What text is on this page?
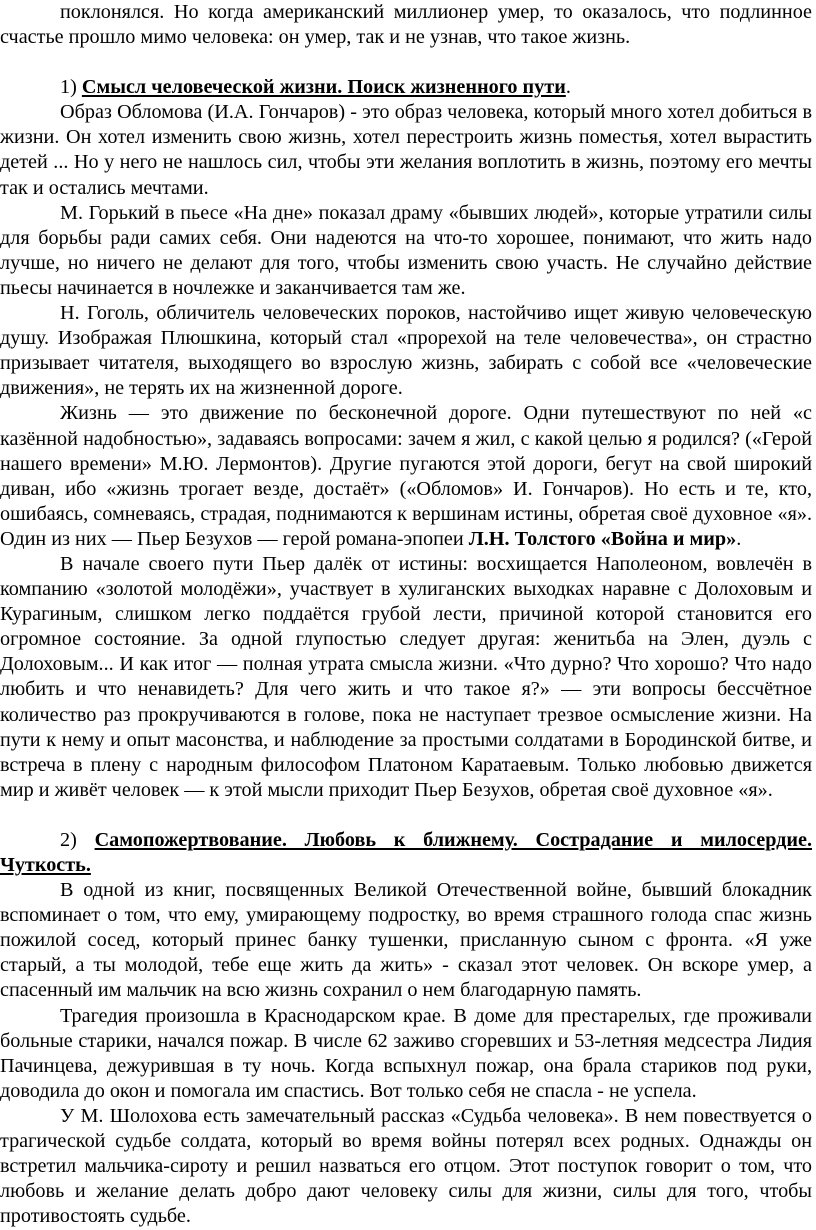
поклонялся. Но когда американский миллионер умер, то оказалось, что подлинное счастье прошло мимо человека: он умер, так и не узнав, что такое жизнь.

1) Смысл человеческой жизни. Поиск жизненного пути.

Образ Обломова (И.А. Гончаров) - это образ человека, который много хотел добиться в жизни. Он хотел изменить свою жизнь, хотел перестроить жизнь поместья, хотел вырастить детей ... Но у него не нашлось сил, чтобы эти желания воплотить в жизнь, поэтому его мечты так и остались мечтами.

М. Горький в пьесе «На дне» показал драму «бывших людей», которые утратили силы для борьбы ради самих себя. Они надеются на что-то хорошее, понимают, что жить надо лучше, но ничего не делают для того, чтобы изменить свою участь. Не случайно действие пьесы начинается в ночлежке и заканчивается там же.

Н. Гоголь, обличитель человеческих пороков, настойчиво ищет живую человеческую душу. Изображая Плюшкина, который стал «прорехой на теле человечества», он страстно призывает читателя, выходящего во взрослую жизнь, забирать с собой все «человеческие движения», не терять их на жизненной дороге.

Жизнь — это движение по бесконечной дороге. Одни путешествуют по ней «с казённой надобностью», задаваясь вопросами: зачем я жил, с какой целью я родился? («Герой нашего времени» М.Ю. Лермонтов). Другие пугаются этой дороги, бегут на свой широкий диван, ибо «жизнь трогает везде, достаёт» («Обломов» И. Гончаров). Но есть и те, кто, ошибаясь, сомневаясь, страдая, поднимаются к вершинам истины, обретая своё духовное «я». Один из них — Пьер Безухов — герой романа-эпопеи Л.Н. Толстого «Война и мир».

В начале своего пути Пьер далёк от истины: восхищается Наполеоном, вовлечён в компанию «золотой молодёжи», участвует в хулиганских выходках наравне с Долоховым и Курагиным, слишком легко поддаётся грубой лести, причиной которой становится его огромное состояние. За одной глупостью следует другая: женитьба на Элен, дуэль с Долоховым... И как итог — полная утрата смысла жизни. «Что дурно? Что хорошо? Что надо любить и что ненавидеть? Для чего жить и что такое я?» — эти вопросы бессчётное количество раз прокручиваются в голове, пока не наступает трезвое осмысление жизни. На пути к нему и опыт масонства, и наблюдение за простыми солдатами в Бородинской битве, и встреча в плену с народным философом Платоном Каратаевым. Только любовью движется мир и живёт человек — к этой мысли приходит Пьер Безухов, обретая своё духовное «я».

2) Самопожертвование. Любовь к ближнему. Сострадание и милосердие. Чуткость.

В одной из книг, посвященных Великой Отечественной войне, бывший блокадник вспоминает о том, что ему, умирающему подростку, во время страшного голода спас жизнь пожилой сосед, который принес банку тушенки, присланную сыном с фронта. «Я уже старый, а ты молодой, тебе еще жить да жить» - сказал этот человек. Он вскоре умер, а спасенный им мальчик на всю жизнь сохранил о нем благодарную память.

Трагедия произошла в Краснодарском крае. В доме для престарелых, где проживали больные старики, начался пожар. В числе 62 заживо сгоревших и 53-летняя медсестра Лидия Пачинцева, дежурившая в ту ночь. Когда вспыхнул пожар, она брала стариков под руки, доводила до окон и помогала им спастись. Вот только себя не спасла - не успела.

У М. Шолохова есть замечательный рассказ «Судьба человека». В нем повествуется о трагической судьбе солдата, который во время войны потерял всех родных. Однажды он встретил мальчика-сироту и решил назваться его отцом. Этот поступок говорит о том, что любовь и желание делать добро дают человеку силы для жизни, силы для того, чтобы противостоять судьбе.
